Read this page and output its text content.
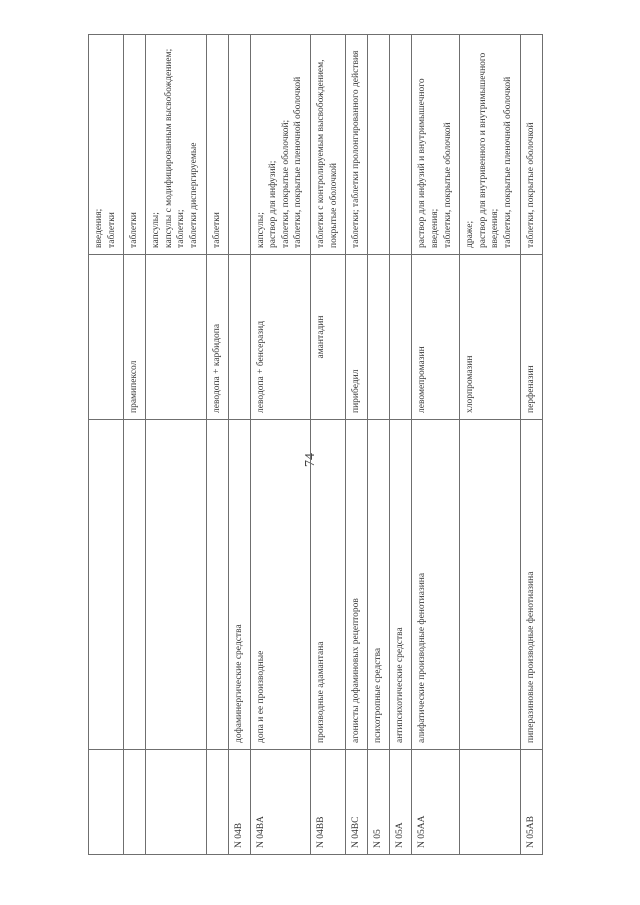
74

			введения; таблетки

		прамипексол	таблетки

			капсулы; капсулы с модифицированным высвобождением; таблетки; таблетки диспергируемые

		леводопа + карбидопа	таблетки

N 04B	дофаминергические средства		
N 04BA	допа и ее производные	леводопа + бенсеразид	капсулы; раствор для инфузий; таблетки, покрытые оболочкой; таблетки, покрытые пленочной оболочкой

N 04BB	производные адамантана	амантадин	таблетки с контролируемым высвобождением, покрытые оболочкой

N 04BC	агонисты дофаминовых рецепторов	пирибедил	таблетки; таблетки пролонгированного действия

N 05	психотропные средства		
N 05A	антипсихотические средства		
N 05AA	алифатические производные фенотиазина	левомепромазин	раствор для инфузий и внутримышечного введения; таблетки, покрытые оболочкой

		хлорпромазин	драже; раствор для внутривенного и внутримышечного введения; таблетки, покрытые пленочной оболочкой

N 05AB	пиперазиновые производные фенотиазина	перфеназин	таблетки, покрытые оболочкой
